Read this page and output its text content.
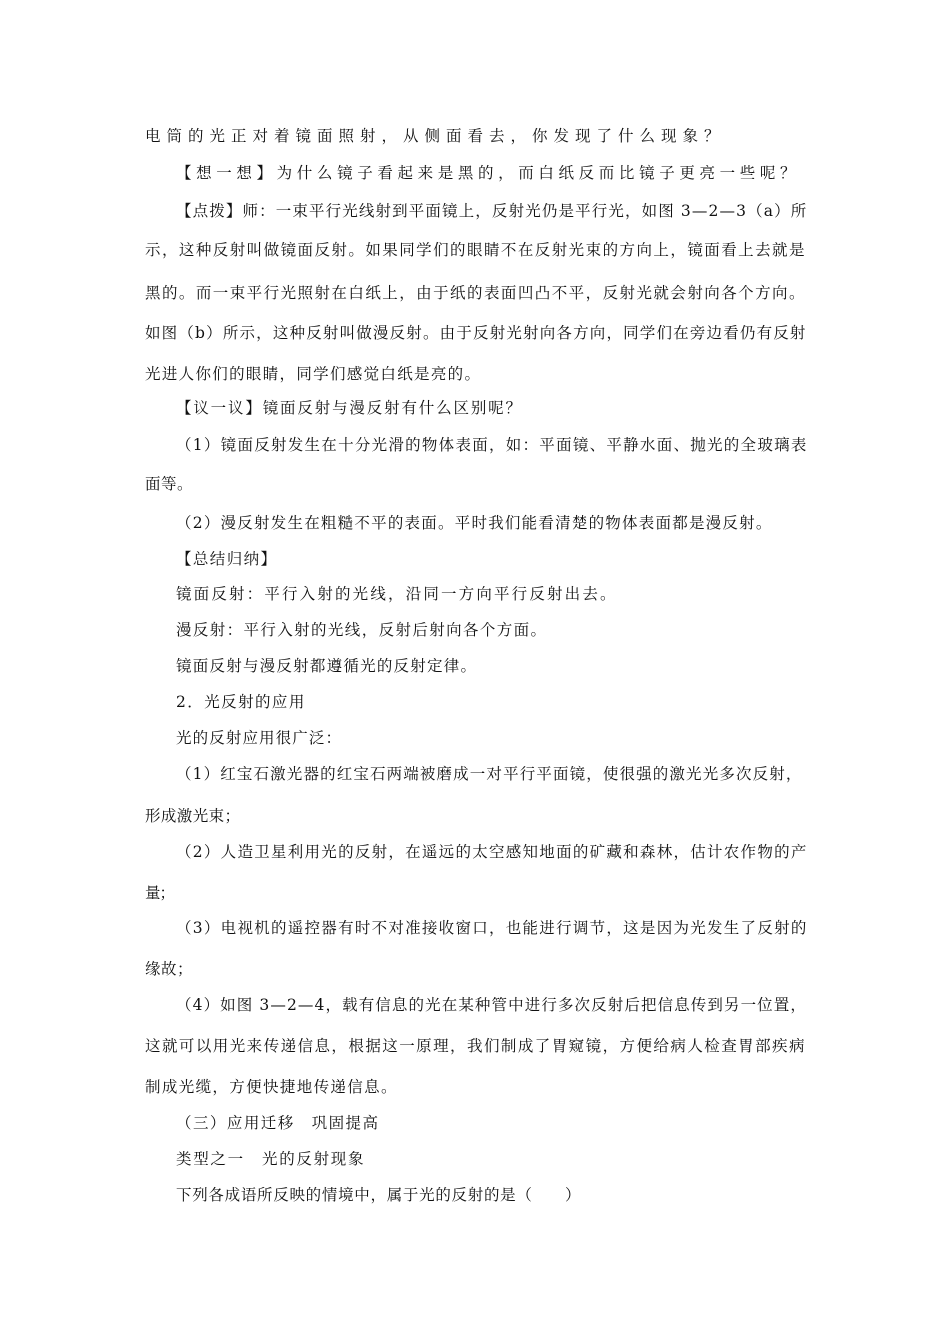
电筒的光正对着镜面照射，从侧面看去，你发现了什么现象？
【想一想】为什么镜子看起来是黑的，而白纸反而比镜子更亮一些呢？
【点拨】师：一束平行光线射到平面镜上，反射光仍是平行光，如图 3—2—3（a）所
示，这种反射叫做镜面反射。如果同学们的眼睛不在反射光束的方向上，镜面看上去就是
黑的。而一束平行光照射在白纸上，由于纸的表面凹凸不平，反射光就会射向各个方向。
如图（b）所示，这种反射叫做漫反射。由于反射光射向各方向，同学们在旁边看仍有反射
光进人你们的眼睛，同学们感觉白纸是亮的。
【议一议】镜面反射与漫反射有什么区别呢？
（1）镜面反射发生在十分光滑的物体表面，如：平面镜、平静水面、抛光的全玻璃表
面等。
（2）漫反射发生在粗糙不平的表面。平时我们能看清楚的物体表面都是漫反射。
【总结归纳】
镜面反射：平行入射的光线，沿同一方向平行反射出去。
漫反射：平行入射的光线，反射后射向各个方面。
镜面反射与漫反射都遵循光的反射定律。
2．光反射的应用
光的反射应用很广泛：
（1）红宝石激光器的红宝石两端被磨成一对平行平面镜，使很强的激光光多次反射，
形成激光束；
（2）人造卫星利用光的反射，在遥远的太空感知地面的矿藏和森林，估计农作物的产
量；
（3）电视机的遥控器有时不对准接收窗口，也能进行调节，这是因为光发生了反射的
缘故；
（4）如图 3—2—4，载有信息的光在某种管中进行多次反射后把信息传到另一位置，
这就可以用光来传递信息，根据这一原理，我们制成了胃窥镜，方便给病人检查胃部疾病
制成光缆，方便快捷地传递信息。
（三）应用迁移　巩固提高
类型之一　光的反射现象
下列各成语所反映的情境中，属于光的反射的是（　　）
